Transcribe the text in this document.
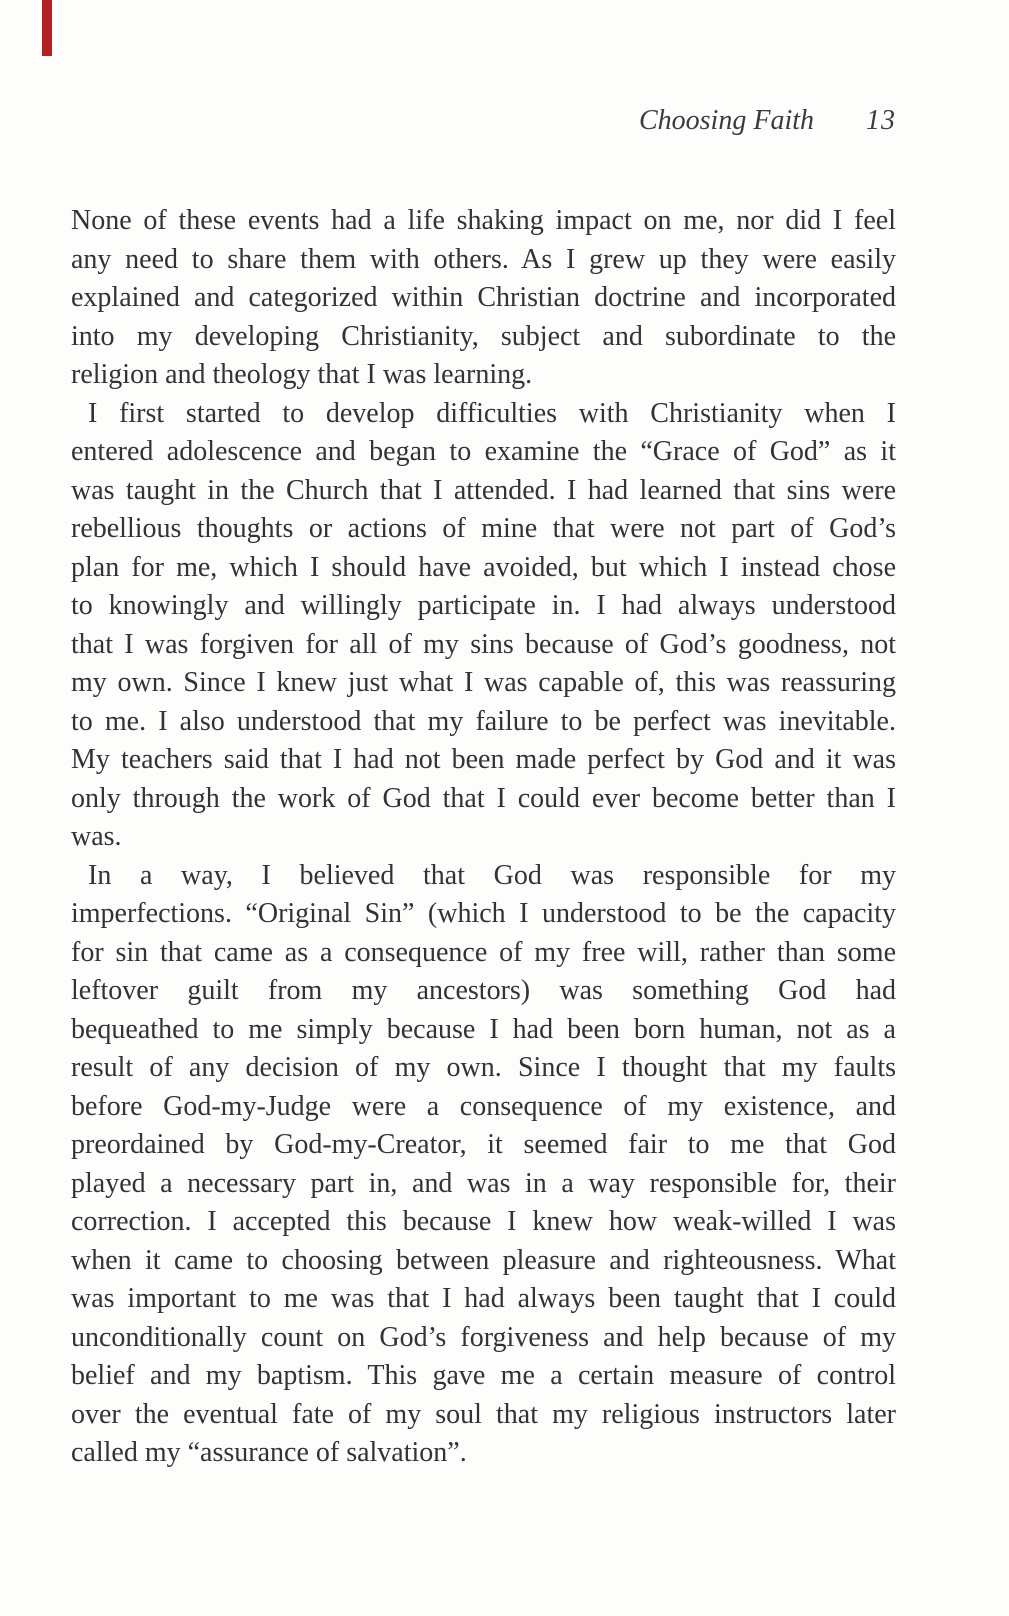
Choosing Faith 13
None of these events had a life shaking impact on me, nor did I feel
any need to share them with others. As I grew up they were easily
explained and categorized within Christian doctrine and incorporated
into my developing Christianity, subject and subordinate to the
religion and theology that I was learning.
I first started to develop difficulties with Christianity when I
entered adolescence and began to examine the “Grace of God” as it
was taught in the Church that I attended. I had learned that sins were
rebellious thoughts or actions of mine that were not part of God’s
plan for me, which I should have avoided, but which I instead chose
to knowingly and willingly participate in. I had always understood
that I was forgiven for all of my sins because of God’s goodness, not
my own. Since I knew just what I was capable of, this was reassuring
to me. I also understood that my failure to be perfect was inevitable.
My teachers said that I had not been made perfect by God and it was
only through the work of God that I could ever become better than I
was.
In a way, I believed that God was responsible for my
imperfections. “Original Sin” (which I understood to be the capacity
for sin that came as a consequence of my free will, rather than some
leftover guilt from my ancestors) was something God had
bequeathed to me simply because I had been born human, not as a
result of any decision of my own. Since I thought that my faults
before God-my-Judge were a consequence of my existence, and
preordained by God-my-Creator, it seemed fair to me that God
played a necessary part in, and was in a way responsible for, their
correction. I accepted this because I knew how weak-willed I was
when it came to choosing between pleasure and righteousness. What
was important to me was that I had always been taught that I could
unconditionally count on God’s forgiveness and help because of my
belief and my baptism. This gave me a certain measure of control
over the eventual fate of my soul that my religious instructors later
called my “assurance of salvation”.
